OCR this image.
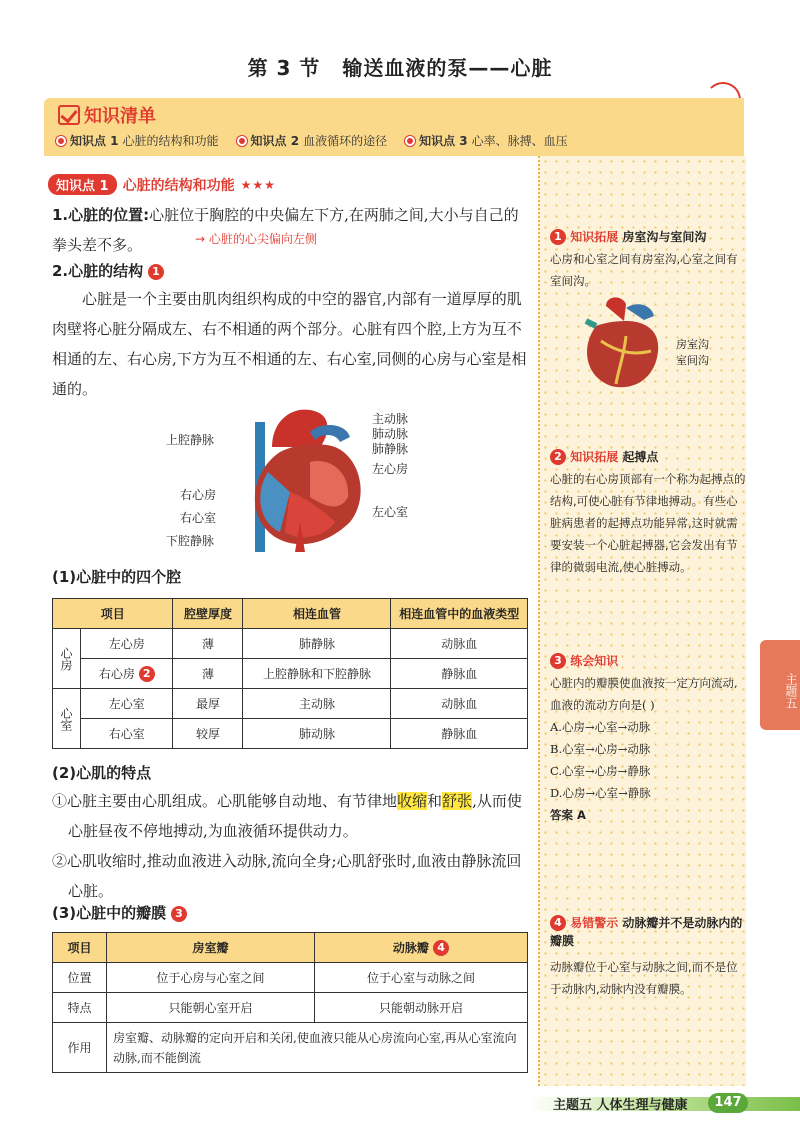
第 3 节 输送血液的泵——心脏
知识清单
知识点 1 心脏的结构和功能	知识点 2 血液循环的途径	知识点 3 心率、脉搏、血压
知识点 1	心脏的结构和功能 ★★★
1.心脏的位置:心脏位于胸腔的中央偏左下方,在两肺之间,大小与自己的拳头差不多。	→ 心脏的心尖偏向左侧
2.心脏的结构 1
心脏是一个主要由肌肉组织构成的中空的器官,内部有一道厚厚的肌肉壁将心脏分隔成左、右不相通的两个部分。心脏有四个腔,上方为互不相通的左、右心房,下方为互不相通的左、右心室,同侧的心房与心室是相通的。
主动脉
肺动脉
肺静脉
左心房
左心室
上腔静脉
右心房
右心室
下腔静脉
(1)心脏中的四个腔
项目		腔壁厚度	相连血管	相连血管中的血液类型
心房	左心房	薄	肺静脉	动脉血
	右心房 2	薄	上腔静脉和下腔静脉	静脉血
心室	左心室	最厚	主动脉	动脉血
	右心室	较厚	肺动脉	静脉血
(2)心肌的特点
①心脏主要由心肌组成。心肌能够自动地、有节律地收缩和舒张,从而使心脏昼夜不停地搏动,为血液循环提供动力。
②心肌收缩时,推动血液进入动脉,流向全身;心肌舒张时,血液由静脉流回心脏。
(3)心脏中的瓣膜 3
项目	房室瓣	动脉瓣 4
位置	位于心房与心室之间	位于心室与动脉之间
特点	只能朝心室开启	只能朝动脉开启
作用	房室瓣、动脉瓣的定向开启和关闭,使血液只能从心房流向心室,再从心室流向动脉,而不能倒流	
1 知识拓展 房室沟与室间沟
心房和心室之间有房室沟,心室之间有室间沟。
房室沟
室间沟
2 知识拓展 起搏点
心脏的右心房顶部有一个称为起搏点的结构,可使心脏有节律地搏动。有些心脏病患者的起搏点功能异常,这时就需要安装一个心脏起搏器,它会发出有节律的微弱电流,使心脏搏动。
3 练会知识
心脏内的瓣膜使血液按一定方向流动,血液的流动方向是( )
A.心房→心室→动脉
B.心室→心房→动脉
C.心室→心房→静脉
D.心房→心室→静脉
答案 A
4 易错警示 动脉瓣并不是动脉内的瓣膜
动脉瓣位于心室与动脉之间,而不是位于动脉内,动脉内没有瓣膜。
主题五
主题五 人体生理与健康	147
